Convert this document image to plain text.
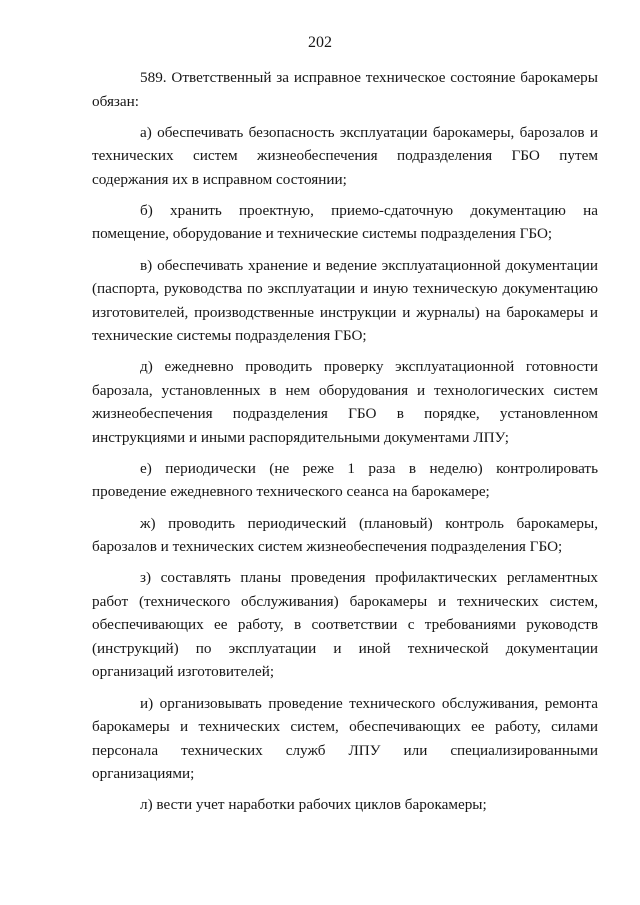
202

589. Ответственный за исправное техническое состояние барокамеры обязан:

а) обеспечивать безопасность эксплуатации барокамеры, барозалов и технических систем жизнеобеспечения подразделения ГБО путем содержания их в исправном состоянии;

б) хранить проектную, приемо-сдаточную документацию на помещение, оборудование и технические системы подразделения ГБО;

в) обеспечивать хранение и ведение эксплуатационной документации (паспорта, руководства по эксплуатации и иную техническую документацию изготовителей, производственные инструкции и журналы) на барокамеры и технические системы подразделения ГБО;

д) ежедневно проводить проверку эксплуатационной готовности барозала, установленных в нем оборудования и технологических систем жизнеобеспечения подразделения ГБО в порядке, установленном инструкциями и иными распорядительными документами ЛПУ;

е) периодически (не реже 1 раза в неделю) контролировать проведение ежедневного технического сеанса на барокамере;

ж) проводить периодический (плановый) контроль барокамеры, барозалов и технических систем жизнеобеспечения подразделения ГБО;

з) составлять планы проведения профилактических регламентных работ (технического обслуживания) барокамеры и технических систем, обеспечивающих ее работу, в соответствии с требованиями руководств (инструкций) по эксплуатации и иной технической документации организаций изготовителей;

и) организовывать проведение технического обслуживания, ремонта барокамеры и технических систем, обеспечивающих ее работу, силами персонала технических служб ЛПУ или специализированными организациями;

л) вести учет наработки рабочих циклов барокамеры;
